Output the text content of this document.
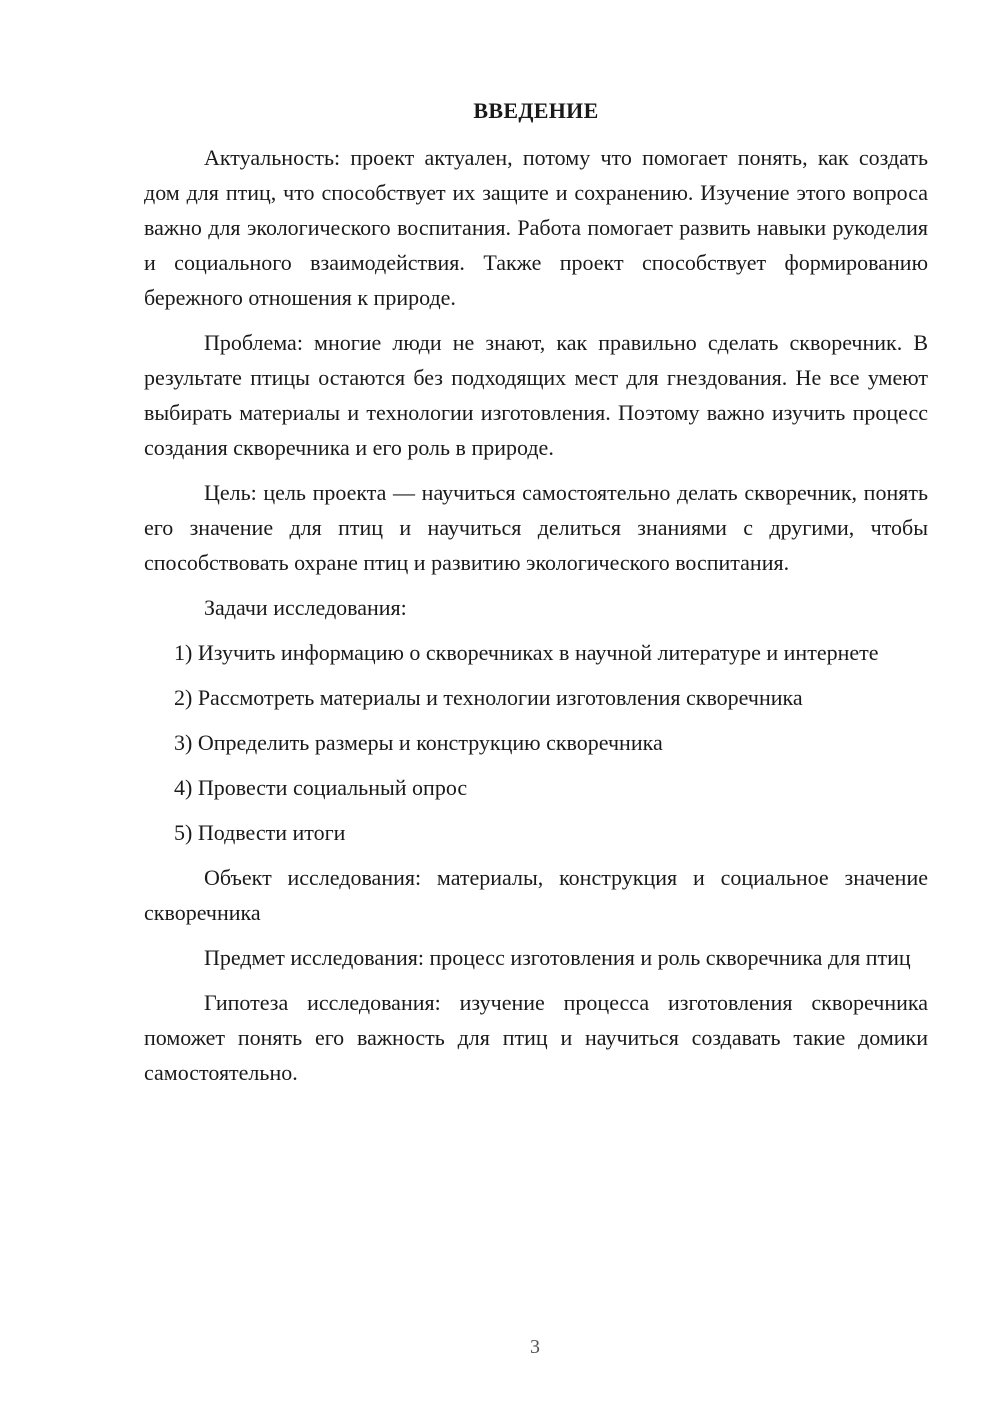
ВВЕДЕНИЕ

Актуальность: проект актуален, потому что помогает понять, как создать дом для птиц, что способствует их защите и сохранению. Изучение этого вопроса важно для экологического воспитания. Работа помогает развить навыки рукоделия и социального взаимодействия. Также проект способствует формированию бережного отношения к природе.

Проблема: многие люди не знают, как правильно сделать скворечник. В результате птицы остаются без подходящих мест для гнездования. Не все умеют выбирать материалы и технологии изготовления. Поэтому важно изучить процесс создания скворечника и его роль в природе.

Цель: цель проекта — научиться самостоятельно делать скворечник, понять его значение для птиц и научиться делиться знаниями с другими, чтобы способствовать охране птиц и развитию экологического воспитания.

Задачи исследования:

1) Изучить информацию о скворечниках в научной литературе и интернете

2) Рассмотреть материалы и технологии изготовления скворечника

3) Определить размеры и конструкцию скворечника

4) Провести социальный опрос

5) Подвести итоги

Объект исследования: материалы, конструкция и социальное значение скворечника

Предмет исследования: процесс изготовления и роль скворечника для птиц

Гипотеза исследования: изучение процесса изготовления скворечника поможет понять его важность для птиц и научиться создавать такие домики самостоятельно.

3
